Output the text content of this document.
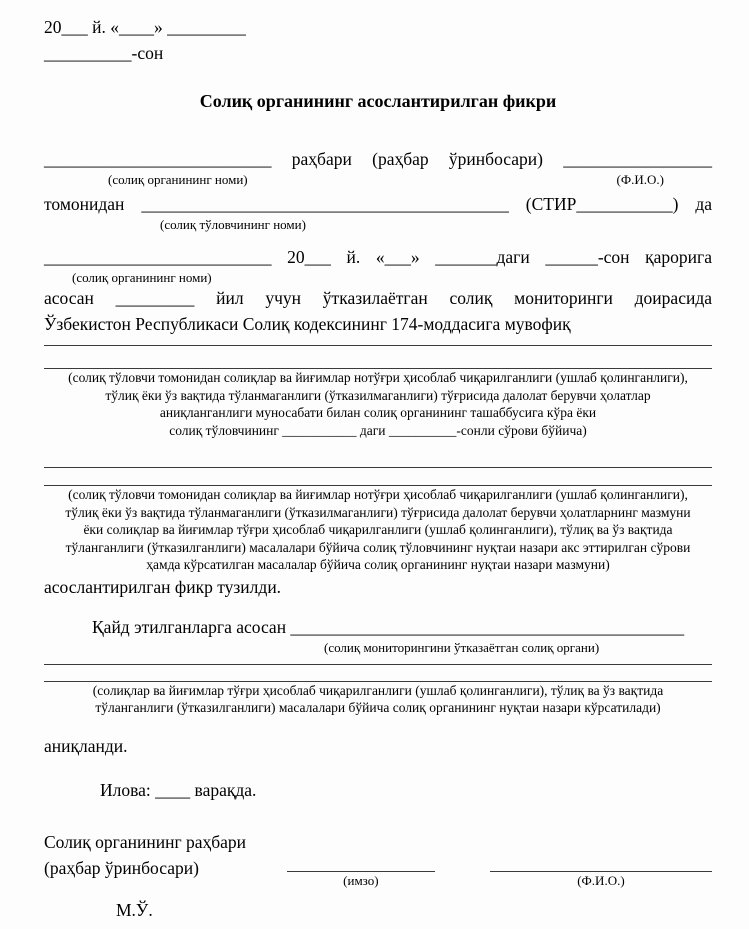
20___ й. «____» _________
__________-сон
Солиқ органининг асослантирилган фикри
__________________________ раҳбари (раҳбар ўринбосари) _________________
(солиқ органининг номи)	(Ф.И.О.)
томонидан __________________________________________ (СТИР___________) да
(солиқ тўловчининг номи)
__________________________ 20___ й. «___» _______даги ______-сон қарорига
(солиқ органининг номи)
асосан _________ йил учун ўтказилаётган солиқ мониторинги доирасида
Ўзбекистон Республикаси Солиқ кодексининг 174-моддасига мувофиқ
(солиқ тўловчи томонидан солиқлар ва йиғимлар нотўғри ҳисоблаб чиқарилганлиги (ушлаб қолинганлиги),
тўлиқ ёки ўз вақтида тўланмаганлиги (ўтказилмаганлиги) тўғрисида далолат берувчи ҳолатлар
аниқланганлиги муносабати билан солиқ органининг ташаббусига кўра ёки
солиқ тўловчининг ___________ даги __________-сонли сўрови бўйича)
(солиқ тўловчи томонидан солиқлар ва йиғимлар нотўғри ҳисоблаб чиқарилганлиги (ушлаб қолинганлиги),
тўлиқ ёки ўз вақтида тўланмаганлиги (ўтказилмаганлиги) тўғрисида далолат берувчи ҳолатларнинг мазмуни
ёки солиқлар ва йиғимлар тўғри ҳисоблаб чиқарилганлиги (ушлаб қолинганлиги), тўлиқ ва ўз вақтида
тўланганлиги (ўтказилганлиги) масалалари бўйича солиқ тўловчининг нуқтаи назари акс эттирилган сўрови
ҳамда кўрсатилган масалалар бўйича солиқ органининг нуқтаи назари мазмуни)
асослантирилган фикр тузилди.
Қайд этилганларга асосан _____________________________________________
(солиқ мониторингини ўтказаётган солиқ органи)
(солиқлар ва йиғимлар тўғри ҳисоблаб чиқарилганлиги (ушлаб қолинганлиги), тўлиқ ва ўз вақтида
тўланганлиги (ўтказилганлиги) масалалари бўйича солиқ органининг нуқтаи назари кўрсатилади)
аниқланди.
Илова: ____ варақда.
Солиқ органининг раҳбари
(раҳбар ўринбосари)
(имзо)	(Ф.И.О.)
М.Ў.
